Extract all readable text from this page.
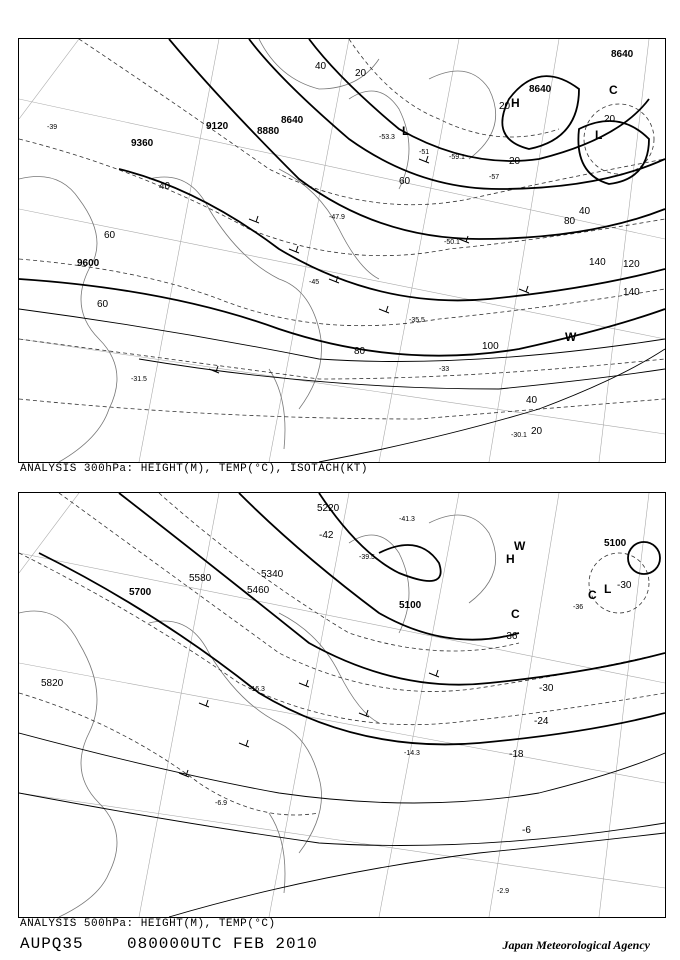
9600
9360
9120	8880
8640
8640
8640
40
60
60
80	100
40
20
120
140
140
80
40
20
20
60
40
20
20
-39
-45
-51
-57
-47.9
-53.3
-59.1
-50.1
-35.5
-31.5
-30.1
-33
H
L	L
C
W
ANALYSIS 300hPa: HEIGHT(M), TEMP(°C), ISOTACH(KT)
5220
5340
5460
5580
5700
5820
5100
5100
-42
-36
-30
-24
-18
-6
-30
-36
-41.3
-39.5
-16.3
-14.3
-6.9
-2.9
H
L
C
C
W
ANALYSIS 500hPa: HEIGHT(M), TEMP(°C)
AUPQ35	080000UTC FEB 2010	Japan Meteorological Agency
